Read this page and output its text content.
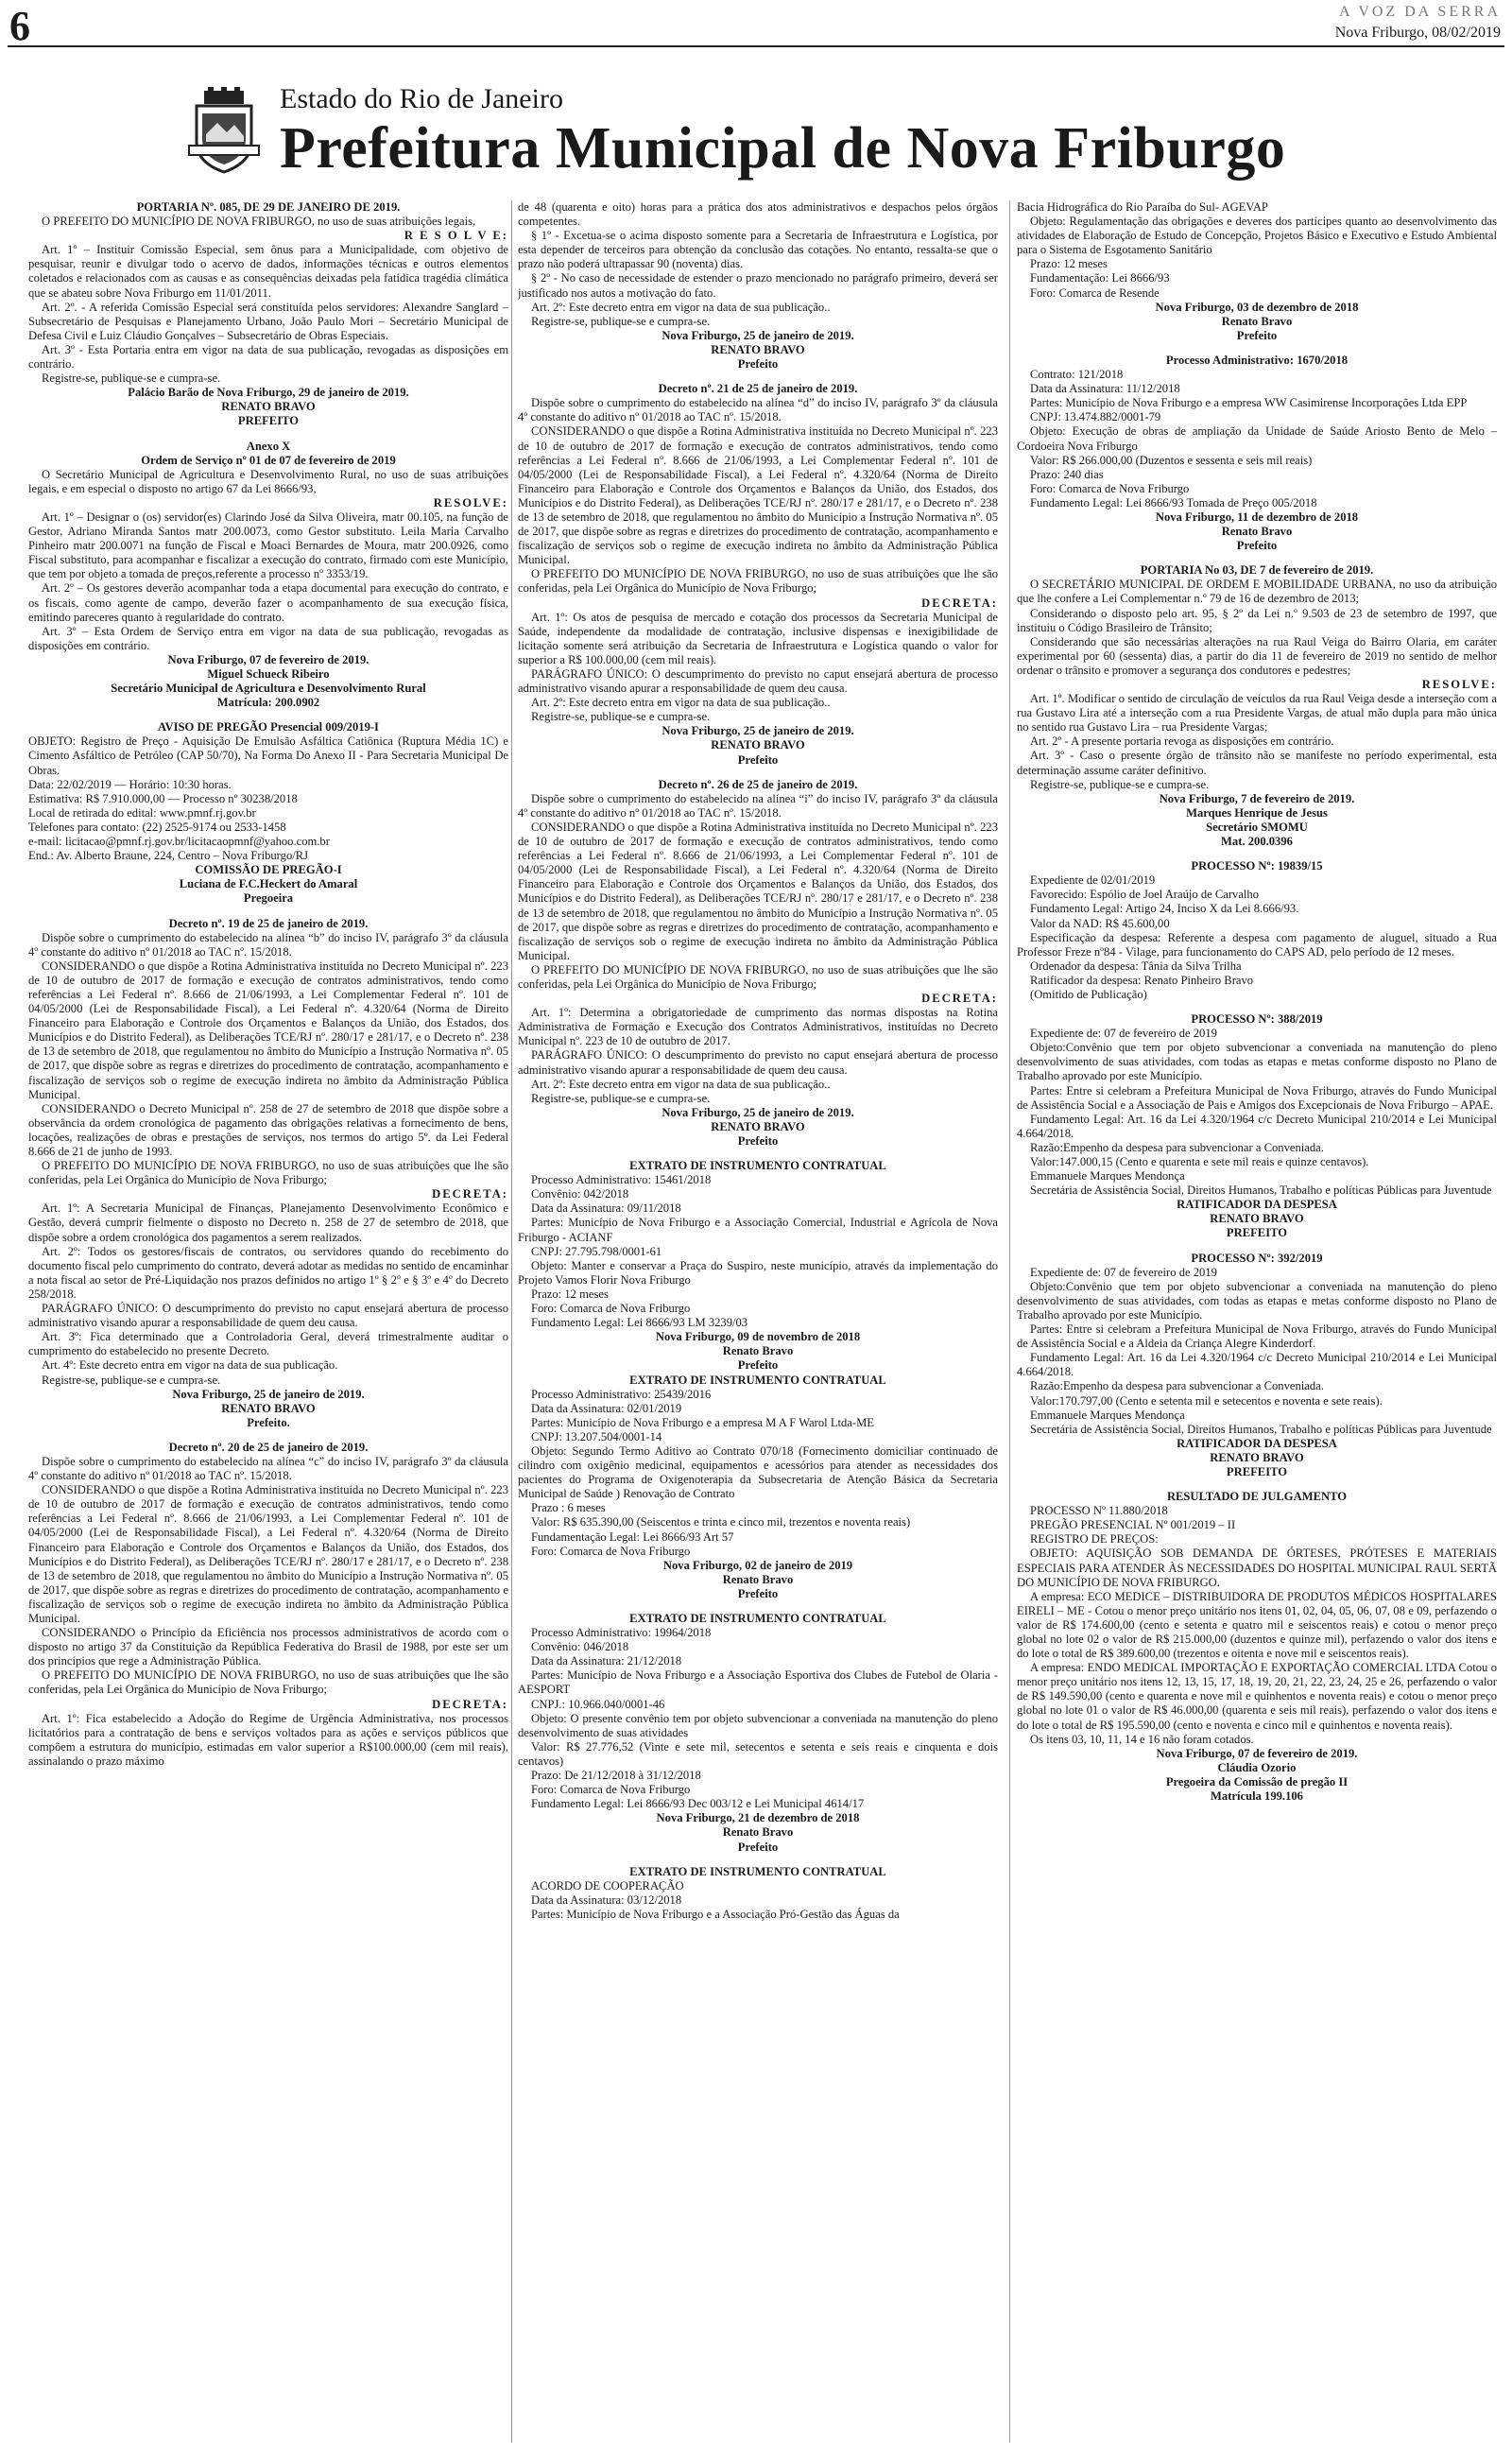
6	A VOZ DA SERRA
Nova Friburgo, 08/02/2019
Estado do Rio de Janeiro
Prefeitura Municipal de Nova Friburgo

PORTARIA Nº. 085, DE 29 DE JANEIRO DE 2019.

O PREFEITO DO MUNICÍPIO DE NOVA FRIBURGO, no uso de suas atribuições legais,

R E S O L V E:

Art. 1º – Instituir Comissão Especial, sem ônus para a Municipalidade, com objetivo de pesquisar, reunir e divulgar todo o acervo de dados, informações técnicas e outros elementos coletados e relacionados com as causas e as consequências deixadas pela fatídica tragédia climática que se abateu sobre Nova Friburgo em 11/01/2011.

Art. 2º. - A referida Comissão Especial será constituída pelos servidores: Alexandre Sanglard – Subsecretário de Pesquisas e Planejamento Urbano, João Paulo Mori – Secretário Municipal de Defesa Civil e Luiz Cláudio Gonçalves – Subsecretário de Obras Especiais.

Art. 3º - Esta Portaria entra em vigor na data de sua publicação, revogadas as disposições em contrário.

Registre-se, publique-se e cumpra-se.

Palácio Barão de Nova Friburgo, 29 de janeiro de 2019.

RENATO BRAVO

PREFEITO

Anexo X

Ordem de Serviço nº 01 de 07 de fevereiro de 2019

O Secretário Municipal de Agricultura e Desenvolvimento Rural, no uso de suas atribuições legais, e em especial o disposto no artigo 67 da Lei 8666/93,

RESOLVE:

Art. 1º – Designar o (os) servidor(es) Clarindo José da Silva Oliveira, matr 00.105, na função de Gestor, Adriano Miranda Santos matr 200.0073, como Gestor substituto. Leila Maria Carvalho Pinheiro matr 200.0071 na função de Fiscal e Moaci Bernardes de Moura, matr 200.0926, como Fiscal substituto, para acompanhar e fiscalizar a execução do contrato, firmado com este Município, que tem por objeto a tomada de preços,referente a processo nº 3353/19.

Art. 2º – Os gestores deverão acompanhar toda a etapa documental para execução do contrato, e os fiscais, como agente de campo, deverão fazer o acompanhamento de sua execução física, emitindo pareceres quanto à regularidade do contrato.

Art. 3º – Esta Ordem de Serviço entra em vigor na data de sua publicação, revogadas as disposições em contrário.

Nova Friburgo, 07 de fevereiro de 2019.

Miguel Schueck Ribeiro

Secretário Municipal de Agricultura e Desenvolvimento Rural

Matrícula: 200.0902

AVISO DE PREGÃO Presencial 009/2019-I

OBJETO: Registro de Preço - Aquisição De Emulsão Asfáltica Catiônica (Ruptura Média 1C) e Cimento Asfáltico de Petróleo (CAP 50/70), Na Forma Do Anexo II - Para Secretaria Municipal De Obras.

Data: 22/02/2019 — Horário: 10:30 horas.

Estimativa: R$ 7.910.000,00 — Processo nº 30238/2018

Local de retirada do edital: www.pmnf.rj.gov.br

Telefones para contato: (22) 2525-9174 ou 2533-1458

e-mail: licitacao@pmnf.rj.gov.br/licitacaopmnf@yahoo.com.br

End.: Av. Alberto Braune, 224, Centro – Nova Friburgo/RJ

COMISSÃO DE PREGÃO-I

Luciana de F.C.Heckert do Amaral

Pregoeira

Decreto nº. 19 de 25 de janeiro de 2019.

Dispõe sobre o cumprimento do estabelecido na alínea “b” do inciso IV, parágrafo 3º da cláusula 4º constante do aditivo nº 01/2018 ao TAC nº. 15/2018.

CONSIDERANDO o que dispõe a Rotina Administrativa instituída no Decreto Municipal nº. 223 de 10 de outubro de 2017 de formação e execução de contratos administrativos, tendo como referências a Lei Federal nº. 8.666 de 21/06/1993, a Lei Complementar Federal nº. 101 de 04/05/2000 (Lei de Responsabilidade Fiscal), a Lei Federal nº. 4.320/64 (Norma de Direito Financeiro para Elaboração e Controle dos Orçamentos e Balanços da União, dos Estados, dos Municípios e do Distrito Federal), as Deliberações TCE/RJ nº. 280/17 e 281/17, e o Decreto nº. 238 de 13 de setembro de 2018, que regulamentou no âmbito do Município a Instrução Normativa nº. 05 de 2017, que dispõe sobre as regras e diretrizes do procedimento de contratação, acompanhamento e fiscalização de serviços sob o regime de execução indireta no âmbito da Administração Pública Municipal.

CONSIDERANDO o Decreto Municipal nº. 258 de 27 de setembro de 2018 que dispõe sobre a observância da ordem cronológica de pagamento das obrigações relativas a fornecimento de bens, locações, realizações de obras e prestações de serviços, nos termos do artigo 5º. da Lei Federal 8.666 de 21 de junho de 1993.

O PREFEITO DO MUNICÍPIO DE NOVA FRIBURGO, no uso de suas atribuições que lhe são conferidas, pela Lei Orgânica do Município de Nova Friburgo;

DECRETA:

Art. 1º: A Secretaria Municipal de Finanças, Planejamento Desenvolvimento Econômico e Gestão, deverá cumprir fielmente o disposto no Decreto n. 258 de 27 de setembro de 2018, que dispõe sobre a ordem cronológica dos pagamentos a serem realizados.

Art. 2º: Todos os gestores/fiscais de contratos, ou servidores quando do recebimento do documento fiscal pelo cumprimento do contrato, deverá adotar as medidas no sentido de encaminhar a nota fiscal ao setor de Pré-Liquidação nos prazos definidos no artigo 1º § 2º e § 3º e 4º do Decreto 258/2018.

PARÁGRAFO ÚNICO: O descumprimento do previsto no caput ensejará abertura de processo administrativo visando apurar a responsabilidade de quem deu causa.

Art. 3º: Fica determinado que a Controladoria Geral, deverá trimestralmente auditar o cumprimento do estabelecido no presente Decreto.

Art. 4º: Este decreto entra em vigor na data de sua publicação.

Registre-se, publique-se e cumpra-se.

Nova Friburgo, 25 de janeiro de 2019.

RENATO BRAVO

Prefeito.

Decreto nº. 20 de 25 de janeiro de 2019.

Dispõe sobre o cumprimento do estabelecido na alínea “c” do inciso IV, parágrafo 3º da cláusula 4º constante do aditivo nº 01/2018 ao TAC nº. 15/2018.

CONSIDERANDO o que dispõe a Rotina Administrativa instituída no Decreto Municipal nº. 223 de 10 de outubro de 2017 de formação e execução de contratos administrativos, tendo como referências a Lei Federal nº. 8.666 de 21/06/1993, a Lei Complementar Federal nº. 101 de 04/05/2000 (Lei de Responsabilidade Fiscal), a Lei Federal nº. 4.320/64 (Norma de Direito Financeiro para Elaboração e Controle dos Orçamentos e Balanços da União, dos Estados, dos Municípios e do Distrito Federal), as Deliberações TCE/RJ nº. 280/17 e 281/17, e o Decreto nº. 238 de 13 de setembro de 2018, que regulamentou no âmbito do Município a Instrução Normativa nº. 05 de 2017, que dispõe sobre as regras e diretrizes do procedimento de contratação, acompanhamento e fiscalização de serviços sob o regime de execução indireta no âmbito da Administração Pública Municipal.

CONSIDERANDO o Princípio da Eficiência nos processos administrativos de acordo com o disposto no artigo 37 da Constituição da República Federativa do Brasil de 1988, por este ser um dos princípios que rege a Administração Pública.

O PREFEITO DO MUNICÍPIO DE NOVA FRIBURGO, no uso de suas atribuições que lhe são conferidas, pela Lei Orgânica do Município de Nova Friburgo;

DECRETA:

Art. 1º: Fica estabelecido a Adoção do Regime de Urgência Administrativa, nos processos licitatórios para a contratação de bens e serviços voltados para as ações e serviços públicos que compõem a estrutura do município, estimadas em valor superior a R$100.000,00 (cem mil reais), assinalando o prazo máximo

de 48 (quarenta e oito) horas para a prática dos atos administrativos e despachos pelos órgãos competentes.

§ 1º - Excetua-se o acima disposto somente para a Secretaria de Infraestrutura e Logística, por esta depender de terceiros para obtenção da conclusão das cotações. No entanto, ressalta-se que o prazo não poderá ultrapassar 90 (noventa) dias.

§ 2º - No caso de necessidade de estender o prazo mencionado no parágrafo primeiro, deverá ser justificado nos autos a motivação do fato.

Art. 2º: Este decreto entra em vigor na data de sua publicação..

Registre-se, publique-se e cumpra-se.

Nova Friburgo, 25 de janeiro de 2019.

RENATO BRAVO

Prefeito

Decreto nº. 21 de 25 de janeiro de 2019.

Dispõe sobre o cumprimento do estabelecido na alínea “d” do inciso IV, parágrafo 3º da cláusula 4º constante do aditivo nº 01/2018 ao TAC nº. 15/2018.

CONSIDERANDO o que dispõe a Rotina Administrativa instituída no Decreto Municipal nº. 223 de 10 de outubro de 2017 de formação e execução de contratos administrativos, tendo como referências a Lei Federal nº. 8.666 de 21/06/1993, a Lei Complementar Federal nº. 101 de 04/05/2000 (Lei de Responsabilidade Fiscal), a Lei Federal nº. 4.320/64 (Norma de Direito Financeiro para Elaboração e Controle dos Orçamentos e Balanços da União, dos Estados, dos Municípios e do Distrito Federal), as Deliberações TCE/RJ nº. 280/17 e 281/17, e o Decreto nº. 238 de 13 de setembro de 2018, que regulamentou no âmbito do Município a Instrução Normativa nº. 05 de 2017, que dispõe sobre as regras e diretrizes do procedimento de contratação, acompanhamento e fiscalização de serviços sob o regime de execução indireta no âmbito da Administração Pública Municipal.

O PREFEITO DO MUNICÍPIO DE NOVA FRIBURGO, no uso de suas atribuições que lhe são conferidas, pela Lei Orgânica do Município de Nova Friburgo;

DECRETA:

Art. 1º: Os atos de pesquisa de mercado e cotação dos processos da Secretaria Municipal de Saúde, independente da modalidade de contratação, inclusive dispensas e inexigibilidade de licitação somente será atribuição da Secretaria de Infraestrutura e Logística quando o valor for superior a R$ 100.000,00 (cem mil reais).

PARÁGRAFO ÚNICO: O descumprimento do previsto no caput ensejará abertura de processo administrativo visando apurar a responsabilidade de quem deu causa.

Art. 2º: Este decreto entra em vigor na data de sua publicação..

Registre-se, publique-se e cumpra-se.

Nova Friburgo, 25 de janeiro de 2019.

RENATO BRAVO

Prefeito

Decreto nº. 26 de 25 de janeiro de 2019.

Dispõe sobre o cumprimento do estabelecido na alínea “i” do inciso IV, parágrafo 3º da cláusula 4º constante do aditivo nº 01/2018 ao TAC nº. 15/2018.

CONSIDERANDO o que dispõe a Rotina Administrativa instituída no Decreto Municipal nº. 223 de 10 de outubro de 2017 de formação e execução de contratos administrativos, tendo como referências a Lei Federal nº. 8.666 de 21/06/1993, a Lei Complementar Federal nº. 101 de 04/05/2000 (Lei de Responsabilidade Fiscal), a Lei Federal nº. 4.320/64 (Norma de Direito Financeiro para Elaboração e Controle dos Orçamentos e Balanços da União, dos Estados, dos Municípios e do Distrito Federal), as Deliberações TCE/RJ nº. 280/17 e 281/17, e o Decreto nº. 238 de 13 de setembro de 2018, que regulamentou no âmbito do Município a Instrução Normativa nº. 05 de 2017, que dispõe sobre as regras e diretrizes do procedimento de contratação, acompanhamento e fiscalização de serviços sob o regime de execução indireta no âmbito da Administração Pública Municipal.

O PREFEITO DO MUNICÍPIO DE NOVA FRIBURGO, no uso de suas atribuições que lhe são conferidas, pela Lei Orgânica do Município de Nova Friburgo;

DECRETA:

Art. 1º: Determina a obrigatoriedade de cumprimento das normas dispostas na Rotina Administrativa de Formação e Execução dos Contratos Administrativos, instituídas no Decreto Municipal nº. 223 de 10 de outubro de 2017.

PARÁGRAFO ÚNICO: O descumprimento do previsto no caput ensejará abertura de processo administrativo visando apurar a responsabilidade de quem deu causa.

Art. 2º: Este decreto entra em vigor na data de sua publicação..

Registre-se, publique-se e cumpra-se.

Nova Friburgo, 25 de janeiro de 2019.

RENATO BRAVO

Prefeito

EXTRATO DE INSTRUMENTO CONTRATUAL

Processo Administrativo: 15461/2018

Convênio: 042/2018

Data da Assinatura: 09/11/2018

Partes: Município de Nova Friburgo e a Associação Comercial, Industrial e Agrícola de Nova Friburgo - ACIANF

CNPJ: 27.795.798/0001-61

Objeto: Manter e conservar a Praça do Suspiro, neste município, através da implementação do Projeto Vamos Florir Nova Friburgo

Prazo: 12 meses

Foro: Comarca de Nova Friburgo

Fundamento Legal: Lei 8666/93 LM 3239/03

Nova Friburgo, 09 de novembro de 2018

Renato Bravo

Prefeito

EXTRATO DE INSTRUMENTO CONTRATUAL

Processo Administrativo: 25439/2016

Data da Assinatura: 02/01/2019

Partes: Município de Nova Friburgo e a empresa M A F Warol Ltda-ME

CNPJ: 13.207.504/0001-14

Objeto: Segundo Termo Aditivo ao Contrato 070/18 (Fornecimento domiciliar continuado de cilindro com oxigênio medicinal, equipamentos e acessórios para atender as necessidades dos pacientes do Programa de Oxigenoterapia da Subsecretaria de Atenção Básica da Secretaria Municipal de Saúde ) Renovação de Contrato

Prazo : 6 meses

Valor: R$ 635.390,00 (Seiscentos e trinta e cinco mil, trezentos e noventa reais)

Fundamentação Legal: Lei 8666/93 Art 57

Foro: Comarca de Nova Friburgo

Nova Friburgo, 02 de janeiro de 2019

Renato Bravo

Prefeito

EXTRATO DE INSTRUMENTO CONTRATUAL

Processo Administrativo: 19964/2018

Convênio: 046/2018

Data da Assinatura: 21/12/2018

Partes: Município de Nova Friburgo e a Associação Esportiva dos Clubes de Futebol de Olaria - AESPORT

CNPJ.: 10.966.040/0001-46

Objeto: O presente convênio tem por objeto subvencionar a conveniada na manutenção do pleno desenvolvimento de suas atividades

Valor: R$ 27.776,52 (Vinte e sete mil, setecentos e setenta e seis reais e cinquenta e dois centavos)

Prazo: De 21/12/2018 à 31/12/2018

Foro: Comarca de Nova Friburgo

Fundamento Legal: Lei 8666/93 Dec 003/12 e Lei Municipal 4614/17

Nova Friburgo, 21 de dezembro de 2018

Renato Bravo

Prefeito

EXTRATO DE INSTRUMENTO CONTRATUAL

ACORDO DE COOPERAÇÃO

Data da Assinatura: 03/12/2018

Partes: Município de Nova Friburgo e a Associação Pró-Gestão das Águas da

Bacia Hidrográfica do Rio Paraíba do Sul- AGEVAP

Objeto: Regulamentação das obrigações e deveres dos partícipes quanto ao desenvolvimento das atividades de Elaboração de Estudo de Concepção, Projetos Básico e Executivo e Estudo Ambiental para o Sistema de Esgotamento Sanitário

Prazo: 12 meses

Fundamentação: Lei 8666/93

Foro: Comarca de Resende

Nova Friburgo, 03 de dezembro de 2018

Renato Bravo

Prefeito

Processo Administrativo: 1670/2018

Contrato: 121/2018

Data da Assinatura: 11/12/2018

Partes: Município de Nova Friburgo e a empresa WW Casimirense Incorporações Ltda EPP

CNPJ: 13.474.882/0001-79

Objeto: Execução de obras de ampliação da Unidade de Saúde Ariosto Bento de Melo – Cordoeira Nova Friburgo

Valor: R$ 266.000,00 (Duzentos e sessenta e seis mil reais)

Prazo: 240 dias

Foro: Comarca de Nova Friburgo

Fundamento Legal: Lei 8666/93 Tomada de Preço 005/2018

Nova Friburgo, 11 de dezembro de 2018

Renato Bravo

Prefeito

PORTARIA No 03, DE 7 de fevereiro de 2019.

O SECRETÁRIO MUNICIPAL DE ORDEM E MOBILIDADE URBANA, no uso da atribuição que lhe confere a Lei Complementar n.º 79 de 16 de dezembro de 2013;

Considerando o disposto pelo art. 95, § 2º da Lei n.º 9.503 de 23 de setembro de 1997, que instituiu o Código Brasileiro de Trânsito;

Considerando que são necessárias alterações na rua Raul Veiga do Bairro Olaria, em caráter experimental por 60 (sessenta) dias, a partir do dia 11 de fevereiro de 2019 no sentido de melhor ordenar o trânsito e promover a segurança dos condutores e pedestres;

RESOLVE:

Art. 1º. Modificar o sentido de circulação de veículos da rua Raul Veiga desde a interseção com a rua Gustavo Lira até a interseção com a rua Presidente Vargas, de atual mão dupla para mão única no sentido rua Gustavo Lira – rua Presidente Vargas;

Art. 2º - A presente portaria revoga as disposições em contrário.

Art. 3º - Caso o presente órgão de trânsito não se manifeste no período experimental, esta determinação assume caráter definitivo.

Registre-se, publique-se e cumpra-se.

Nova Friburgo, 7 de fevereiro de 2019.

Marques Henrique de Jesus

Secretário SMOMU

Mat. 200.0396

PROCESSO Nº: 19839/15

Expediente de 02/01/2019

Favorecido: Espólio de Joel Araújo de Carvalho

Fundamento Legal: Artigo 24, Inciso X da Lei 8.666/93.

Valor da NAD: R$ 45.600,00

Especificação da despesa: Referente a despesa com pagamento de aluguel, situado a Rua Professor Freze nº84 - Vilage, para funcionamento do CAPS AD, pelo período de 12 meses.

Ordenador da despesa: Tânia da Silva Trilha

Ratificador da despesa: Renato Pinheiro Bravo

(Omitido de Publicação)

PROCESSO Nº: 388/2019

Expediente de: 07 de fevereiro de 2019

Objeto:Convênio que tem por objeto subvencionar a conveniada na manutenção do pleno desenvolvimento de suas atividades, com todas as etapas e metas conforme disposto no Plano de Trabalho aprovado por este Município.

Partes: Entre si celebram a Prefeitura Municipal de Nova Friburgo, através do Fundo Municipal de Assistência Social e a Associação de Pais e Amigos dos Excepcionais de Nova Friburgo – APAE.

Fundamento Legal: Art. 16 da Lei 4.320/1964 c/c Decreto Municipal 210/2014 e Lei Municipal 4.664/2018.

Razão:Empenho da despesa para subvencionar a Conveniada.

Valor:147.000,15 (Cento e quarenta e sete mil reais e quinze centavos).

Emmanuele Marques Mendonça

Secretária de Assistência Social, Direitos Humanos, Trabalho e políticas Públicas para Juventude

RATIFICADOR DA DESPESA

RENATO BRAVO

PREFEITO

PROCESSO Nº: 392/2019

Expediente de: 07 de fevereiro de 2019

Objeto:Convênio que tem por objeto subvencionar a conveniada na manutenção do pleno desenvolvimento de suas atividades, com todas as etapas e metas conforme disposto no Plano de Trabalho aprovado por este Município.

Partes: Entre si celebram a Prefeitura Municipal de Nova Friburgo, através do Fundo Municipal de Assistência Social e a Aldeia da Criança Alegre Kinderdorf.

Fundamento Legal: Art. 16 da Lei 4.320/1964 c/c Decreto Municipal 210/2014 e Lei Municipal 4.664/2018.

Razão:Empenho da despesa para subvencionar a Conveniada.

Valor:170.797,00 (Cento e setenta mil e setecentos e noventa e sete reais).

Emmanuele Marques Mendonça

Secretária de Assistência Social, Direitos Humanos, Trabalho e políticas Públicas para Juventude

RATIFICADOR DA DESPESA

RENATO BRAVO

PREFEITO

RESULTADO DE JULGAMENTO

PROCESSO Nº 11.880/2018

PREGÃO PRESENCIAL Nº 001/2019 – II

REGISTRO DE PREÇOS:

OBJETO: AQUISIÇÃO SOB DEMANDA DE ÓRTESES, PRÓTESES E MATERIAIS ESPECIAIS PARA ATENDER ÀS NECESSIDADES DO HOSPITAL MUNICIPAL RAUL SERTÃ DO MUNICÍPIO DE NOVA FRIBURGO.

A empresa: ECO MEDICE – DISTRIBUIDORA DE PRODUTOS MÉDICOS HOSPITALARES EIRELI – ME - Cotou o menor preço unitário nos itens 01, 02, 04, 05, 06, 07, 08 e 09, perfazendo o valor de R$ 174.600,00 (cento e setenta e quatro mil e seiscentos reais) e cotou o menor preço global no lote 02 o valor de R$ 215.000,00 (duzentos e quinze mil), perfazendo o valor dos itens e do lote o total de R$ 389.600,00 (trezentos e oitenta e nove mil e seiscentos reais).

A empresa: ENDO MEDICAL IMPORTAÇÃO E EXPORTAÇÃO COMERCIAL LTDA Cotou o menor preço unitário nos itens 12, 13, 15, 17, 18, 19, 20, 21, 22, 23, 24, 25 e 26, perfazendo o valor de R$ 149.590,00 (cento e quarenta e nove mil e quinhentos e noventa reais) e cotou o menor preço global no lote 01 o valor de R$ 46.000,00 (quarenta e seis mil reais), perfazendo o valor dos itens e do lote o total de R$ 195.590,00 (cento e noventa e cinco mil e quinhentos e noventa reais).

Os itens 03, 10, 11, 14 e 16 não foram cotados.

Nova Friburgo, 07 de fevereiro de 2019.

Cláudia Ozorio

Pregoeira da Comissão de pregão II

Matrícula 199.106
